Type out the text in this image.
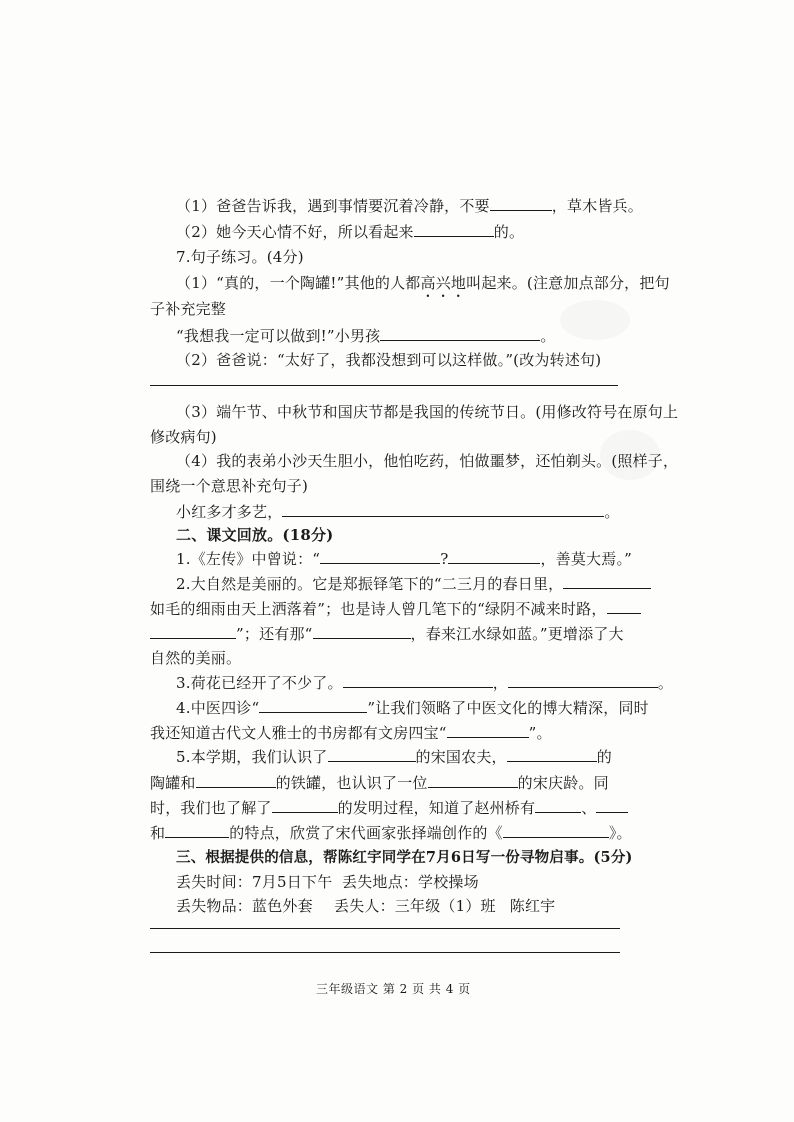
（1）爸爸告诉我，遇到事情要沉着冷静，不要	，草木皆兵。
（2）她今天心情不好，所以看起来	的。
7.句子练习。(4分)
（1）“真的，一个陶罐!”其他的人都高兴地叫起来。(注意加点部分，把句
子补充完整
“我想我一定可以做到!”小男孩	。
（2）爸爸说：“太好了，我都没想到可以这样做。”(改为转述句)
（3）端午节、中秋节和国庆节都是我国的传统节日。(用修改符号在原句上
修改病句)
（4）我的表弟小沙天生胆小，他怕吃药，怕做噩梦，还怕剃头。(照样子，
围绕一个意思补充句子)
小红多才多艺，	。
二、课文回放。(18分)
1.《左传》中曾说：“	?	，善莫大焉。”
2.大自然是美丽的。它是郑振铎笔下的“二三月的春日里，
如毛的细雨由天上洒落着”；也是诗人曾几笔下的“绿阴不减来时路，
”；还有那“	，春来江水绿如蓝。”更增添了大
自然的美丽。
3.荷花已经开了不少了。	，	。
4.中医四诊“	”让我们领略了中医文化的博大精深，同时
我还知道古代文人雅士的书房都有文房四宝“	”。
5.本学期，我们认识了	的宋国农夫，	的
陶罐和	的铁罐，也认识了一位	的宋庆龄。同
时，我们也了解了	的发明过程，知道了赵州桥有	、
和	的特点，欣赏了宋代画家张择端创作的《	》。
三、根据提供的信息，帮陈红宇同学在7月6日写一份寻物启事。(5分)
丢失时间：7月5日下午 丢失地点：学校操场
丢失物品：蓝色外套 丢失人：三年级（1）班 陈红宇
三年级语文 第 2 页 共 4 页
